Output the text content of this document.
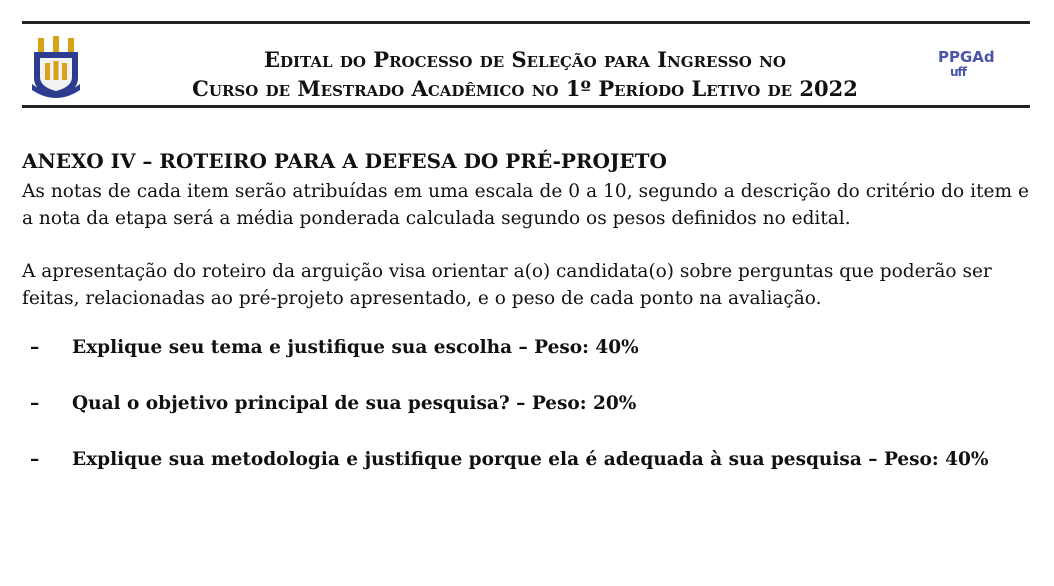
Edital do Processo de Seleção para Ingresso no
Curso de Mestrado Acadêmico no 1º Período Letivo de 2022
PPGAd
uff
ANEXO IV – ROTEIRO PARA A DEFESA DO PRÉ-PROJETO

As notas de cada item serão atribuídas em uma escala de 0 a 10, segundo a descrição do critério do item e a nota da etapa será a média ponderada calculada segundo os pesos definidos no edital.

A apresentação do roteiro da arguição visa orientar a(o) candidata(o) sobre perguntas que poderão ser feitas, relacionadas ao pré-projeto apresentado, e o peso de cada ponto na avaliação.

– Explique seu tema e justifique sua escolha – Peso: 40%
– Qual o objetivo principal de sua pesquisa? – Peso: 20%
– Explique sua metodologia e justifique porque ela é adequada à sua pesquisa – Peso: 40%
